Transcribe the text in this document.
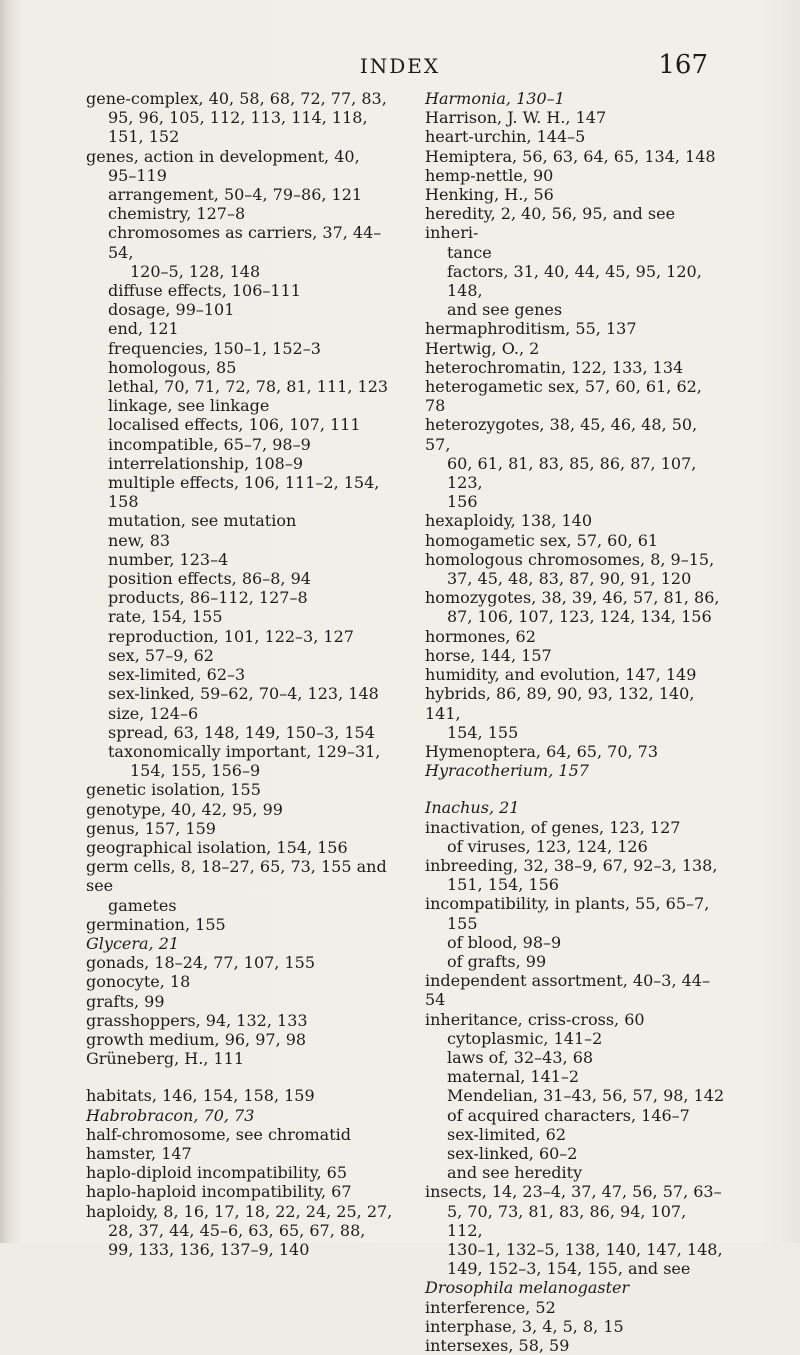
INDEX	167

gene-complex, 40, 58, 68, 72, 77, 83,

95, 96, 105, 112, 113, 114, 118,

151, 152

genes, action in development, 40,

95–119

arrangement, 50–4, 79–86, 121

chemistry, 127–8

chromosomes as carriers, 37, 44–54,

120–5, 128, 148

diffuse effects, 106–111

dosage, 99–101

end, 121

frequencies, 150–1, 152–3

homologous, 85

lethal, 70, 71, 72, 78, 81, 111, 123

linkage, see linkage

localised effects, 106, 107, 111

incompatible, 65–7, 98–9

interrelationship, 108–9

multiple effects, 106, 111–2, 154, 158

mutation, see mutation

new, 83

number, 123–4

position effects, 86–8, 94

products, 86–112, 127–8

rate, 154, 155

reproduction, 101, 122–3, 127

sex, 57–9, 62

sex-limited, 62–3

sex-linked, 59–62, 70–4, 123, 148

size, 124–6

spread, 63, 148, 149, 150–3, 154

taxonomically important, 129–31,

154, 155, 156–9

genetic isolation, 155

genotype, 40, 42, 95, 99

genus, 157, 159

geographical isolation, 154, 156

germ cells, 8, 18–27, 65, 73, 155 and see

gametes

germination, 155

Glycera, 21

gonads, 18–24, 77, 107, 155

gonocyte, 18

grafts, 99

grasshoppers, 94, 132, 133

growth medium, 96, 97, 98

Grüneberg, H., 111

habitats, 146, 154, 158, 159

Habrobracon, 70, 73

half-chromosome, see chromatid

hamster, 147

haplo-diploid incompatibility, 65

haplo-haploid incompatibility, 67

haploidy, 8, 16, 17, 18, 22, 24, 25, 27,

28, 37, 44, 45–6, 63, 65, 67, 88,

99, 133, 136, 137–9, 140

Harmonia, 130–1

Harrison, J. W. H., 147

heart-urchin, 144–5

Hemiptera, 56, 63, 64, 65, 134, 148

hemp-nettle, 90

Henking, H., 56

heredity, 2, 40, 56, 95, and see inheri-

tance

factors, 31, 40, 44, 45, 95, 120, 148,

and see genes

hermaphroditism, 55, 137

Hertwig, O., 2

heterochromatin, 122, 133, 134

heterogametic sex, 57, 60, 61, 62, 78

heterozygotes, 38, 45, 46, 48, 50, 57,

60, 61, 81, 83, 85, 86, 87, 107, 123,

156

hexaploidy, 138, 140

homogametic sex, 57, 60, 61

homologous chromosomes, 8, 9–15,

37, 45, 48, 83, 87, 90, 91, 120

homozygotes, 38, 39, 46, 57, 81, 86,

87, 106, 107, 123, 124, 134, 156

hormones, 62

horse, 144, 157

humidity, and evolution, 147, 149

hybrids, 86, 89, 90, 93, 132, 140, 141,

154, 155

Hymenoptera, 64, 65, 70, 73

Hyracotherium, 157

Inachus, 21

inactivation, of genes, 123, 127

of viruses, 123, 124, 126

inbreeding, 32, 38–9, 67, 92–3, 138,

151, 154, 156

incompatibility, in plants, 55, 65–7,

155

of blood, 98–9

of grafts, 99

independent assortment, 40–3, 44–54

inheritance, criss-cross, 60

cytoplasmic, 141–2

laws of, 32–43, 68

maternal, 141–2

Mendelian, 31–43, 56, 57, 98, 142

of acquired characters, 146–7

sex-limited, 62

sex-linked, 60–2

and see heredity

insects, 14, 23–4, 37, 47, 56, 57, 63–

5, 70, 73, 81, 83, 86, 94, 107, 112,

130–1, 132–5, 138, 140, 147, 148,

149, 152–3, 154, 155, and see

Drosophila melanogaster

interference, 52

interphase, 3, 4, 5, 8, 15

intersexes, 58, 59
